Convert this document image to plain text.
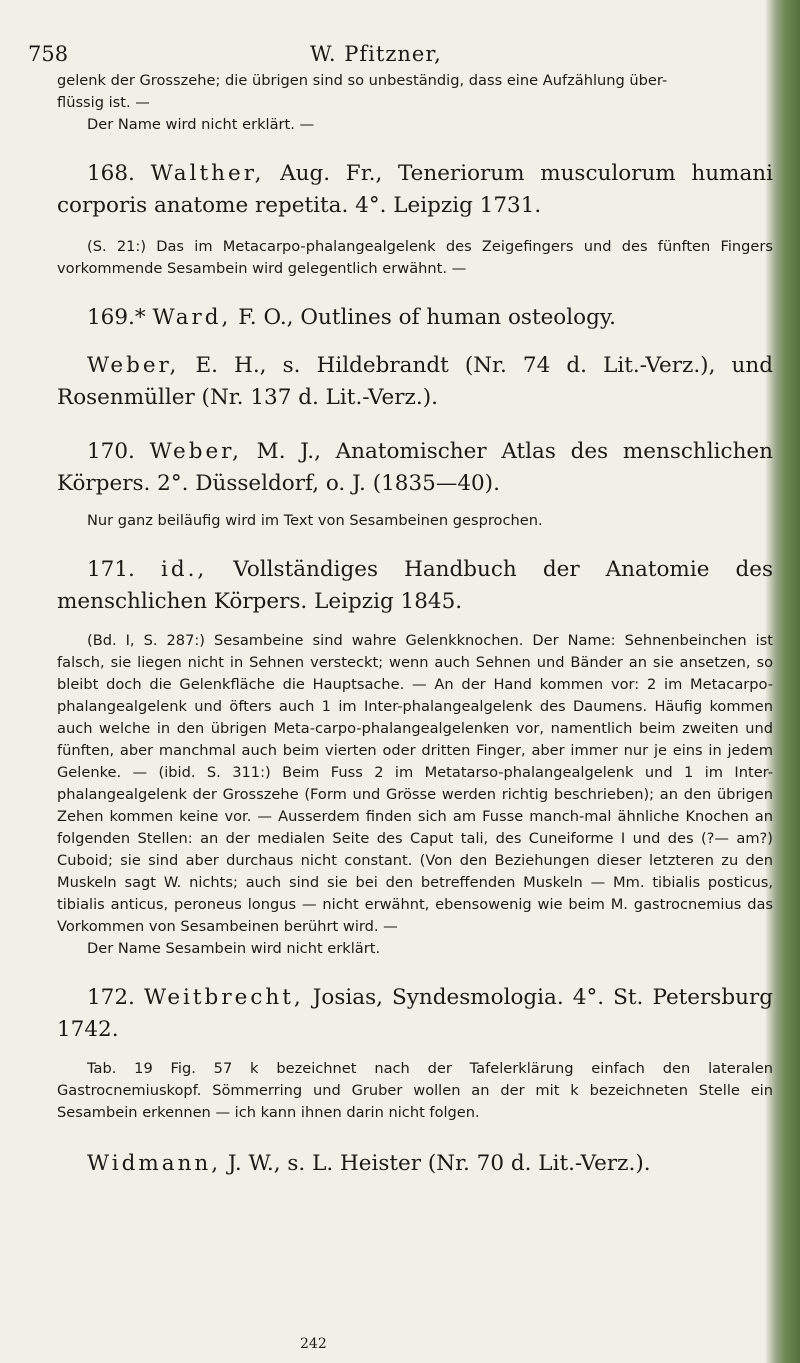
758	W. Pfitzner,

gelenk der Grosszehe; die übrigen sind so unbeständig, dass eine Aufzählung über-
flüssig ist. —

Der Name wird nicht erklärt. —

168. Walther, Aug. Fr., Teneriorum musculorum humani corporis anatome repetita. 4°. Leipzig 1731.

(S. 21:) Das im Metacarpo-phalangealgelenk des Zeigefingers und des fünften Fingers vorkommende Sesambein wird gelegentlich erwähnt. —

169.* Ward, F. O., Outlines of human osteology.

Weber, E. H., s. Hildebrandt (Nr. 74 d. Lit.-Verz.), und Rosenmüller (Nr. 137 d. Lit.-Verz.).

170. Weber, M. J., Anatomischer Atlas des menschlichen Körpers. 2°. Düsseldorf, o. J. (1835—40).

Nur ganz beiläufig wird im Text von Sesambeinen gesprochen.

171. id., Vollständiges Handbuch der Anatomie des menschlichen Körpers. Leipzig 1845.

(Bd. I, S. 287:) Sesambeine sind wahre Gelenkknochen. Der Name: Sehnenbeinchen ist falsch, sie liegen nicht in Sehnen versteckt; wenn auch Sehnen und Bänder an sie ansetzen, so bleibt doch die Gelenkfläche die Hauptsache. — An der Hand kommen vor: 2 im Metacarpo-phalangealgelenk und öfters auch 1 im Inter-phalangealgelenk des Daumens. Häufig kommen auch welche in den übrigen Meta-carpo-phalangealgelenken vor, namentlich beim zweiten und fünften, aber manchmal auch beim vierten oder dritten Finger, aber immer nur je eins in jedem Gelenke. — (ibid. S. 311:) Beim Fuss 2 im Metatarso-phalangealgelenk und 1 im Inter-phalangealgelenk der Grosszehe (Form und Grösse werden richtig beschrieben); an den übrigen Zehen kommen keine vor. — Ausserdem finden sich am Fusse manch-mal ähnliche Knochen an folgenden Stellen: an der medialen Seite des Caput tali, des Cuneiforme I und des (?— am?) Cuboid; sie sind aber durchaus nicht constant. (Von den Beziehungen dieser letzteren zu den Muskeln sagt W. nichts; auch sind sie bei den betreffenden Muskeln — Mm. tibialis posticus, tibialis anticus, peroneus longus — nicht erwähnt, ebensowenig wie beim M. gastrocnemius das Vorkommen von Sesambeinen berührt wird. —

Der Name Sesambein wird nicht erklärt.

172. Weitbrecht, Josias, Syndesmologia. 4°. St. Petersburg 1742.

Tab. 19 Fig. 57 k bezeichnet nach der Tafelerklärung einfach den lateralen Gastrocnemiuskopf. Sömmerring und Gruber wollen an der mit k bezeichneten Stelle ein Sesambein erkennen — ich kann ihnen darin nicht folgen.

Widmann, J. W., s. L. Heister (Nr. 70 d. Lit.-Verz.).

242
